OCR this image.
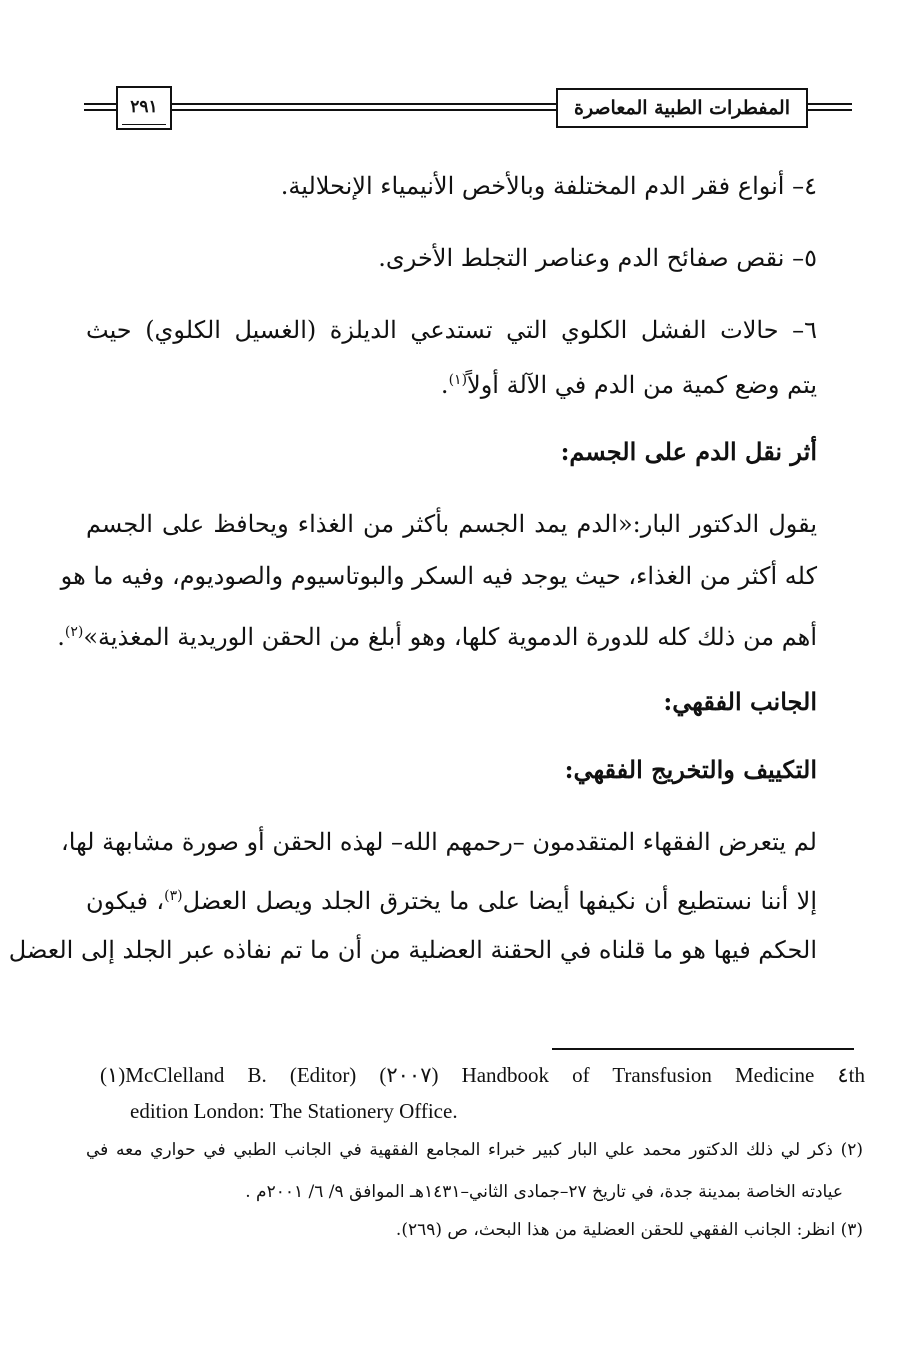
٢٩١	المفطرات الطبية المعاصرة
٤– أنواع فقر الدم المختلفة وبالأخص الأنيمياء الإنحلالية.
٥– نقص صفائح الدم وعناصر التجلط الأخرى.
٦– حالات الفشل الكلوي التي تستدعي الديلزة (الغسيل الكلوي) حيث
يتم وضع كمية من الدم في الآلة أولاً$^{(١)}$.
أثر نقل الدم على الجسم:
يقول الدكتور البار:«الدم يمد الجسم بأكثر من الغذاء ويحافظ على الجسم
كله أكثر من الغذاء، حيث يوجد فيه السكر والبوتاسيوم والصوديوم، وفيه ما هو
أهم من ذلك كله للدورة الدموية كلها، وهو أبلغ من الحقن الوريدية المغذية»$^{(٢)}$.
الجانب الفقهي:
التكييف والتخريج الفقهي:
لم يتعرض الفقهاء المتقدمون –رحمهم الله– لهذه الحقن أو صورة مشابهة لها،
إلا أننا نستطيع أن نكيفها أيضا على ما يخترق الجلد ويصل العضل$^{(٣)}$، فيكون
الحكم فيها هو ما قلناه في الحقنة العضلية من أن ما تم نفاذه عبر الجلد إلى العضل
(١)McClelland B. (Editor) (٢٠٠٧) Handbook of Transfusion Medicine ٤th
edition London: The Stationery Office.
(٢) ذكر لي ذلك الدكتور محمد علي البار كبير خبراء المجامع الفقهية في الجانب الطبي في حواري معه في
عيادته الخاصة بمدينة جدة، في تاريخ ٢٧–جمادى الثاني–١٤٣١هـ الموافق ٩/ ٦/ ٢٠٠١م .
(٣) انظر: الجانب الفقهي للحقن العضلية من هذا البحث، ص (٢٦٩).
